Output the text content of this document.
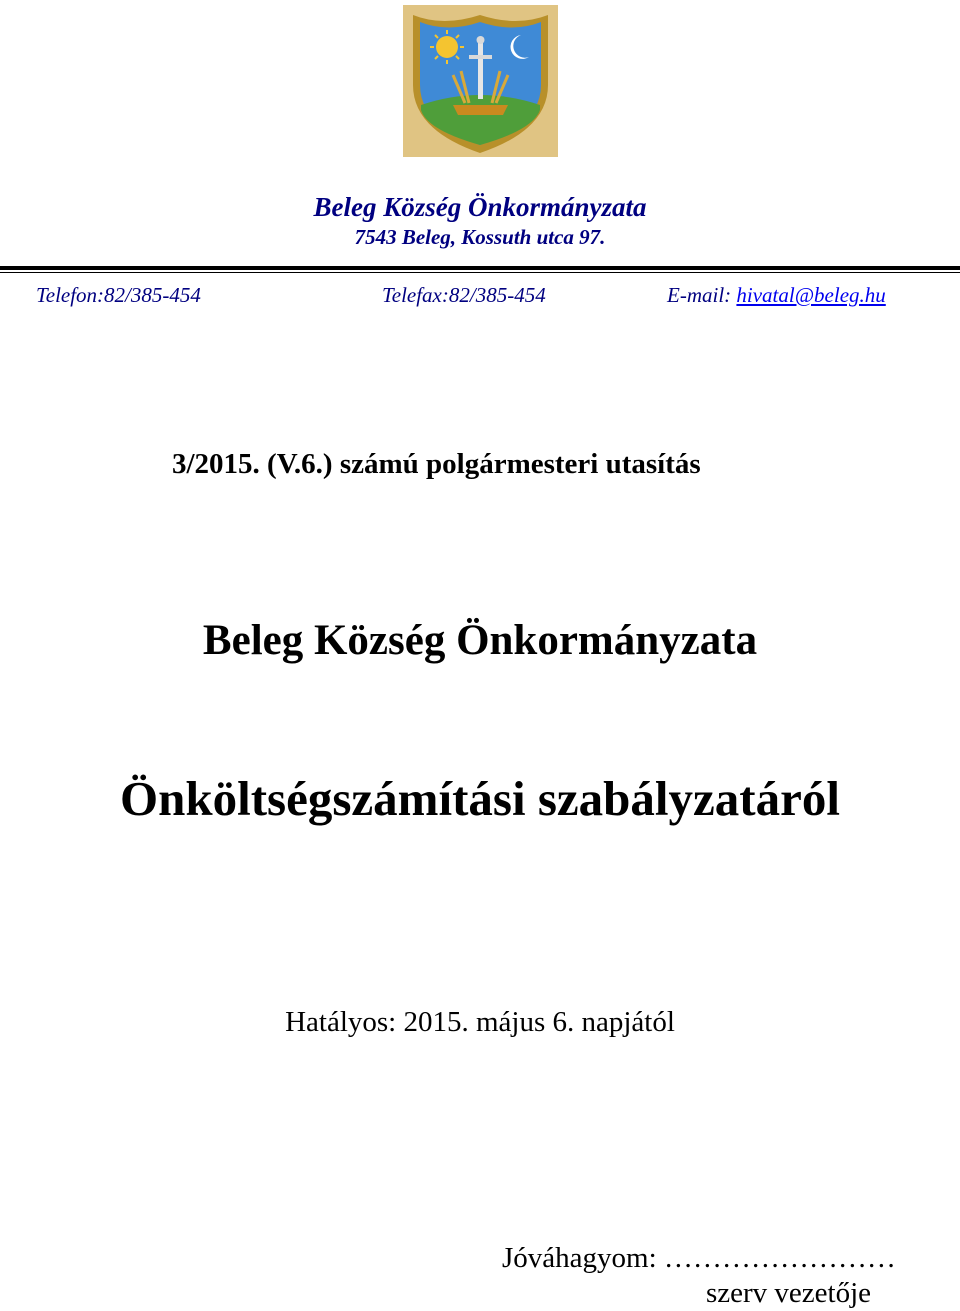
Beleg Község Önkormányzata
7543 Beleg, Kossuth utca 97.
Telefon:82/385-454	Telefax:82/385-454	E-mail: hivatal@beleg.hu
3/2015. (V.6.) számú polgármesteri utasítás
Beleg Község Önkormányzata
Önköltségszámítási szabályzatáról
Hatályos: 2015. május 6. napjától
Jóváhagyom: ……………………
szerv vezetője
